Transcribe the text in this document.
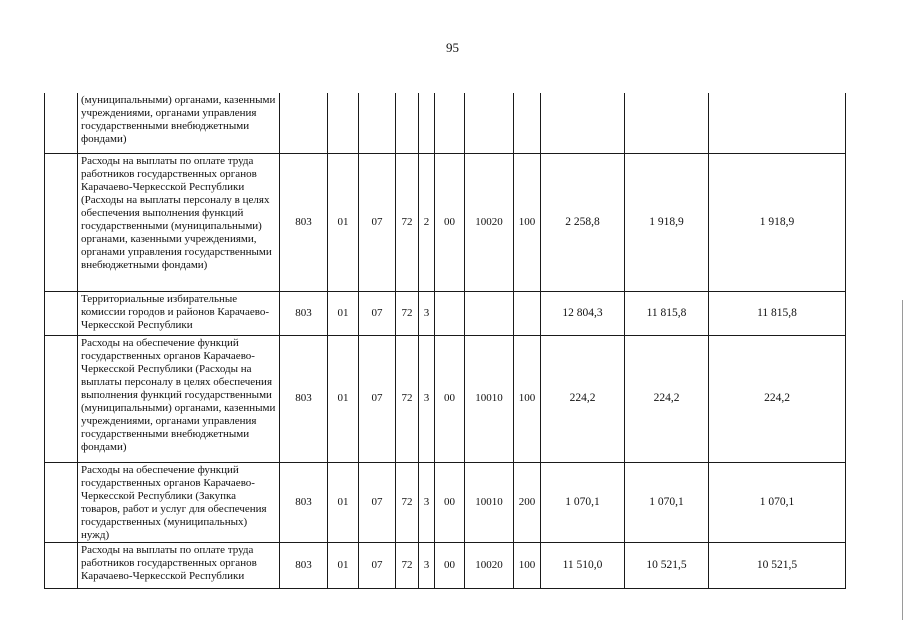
95
	(муниципальными) органами, казенными учреждениями, органами управления государственными внебюджетными фондами)											
	Расходы на выплаты по оплате труда работников государственных органов Карачаево-Черкесской Республики (Расходы на выплаты персоналу в целях обеспечения выполнения функций государственными (муниципальными) органами, казенными учреждениями, органами управления государственными внебюджетными фондами)	803	01	07	72	2	00	10020	100	2 258,8	1 918,9	1 918,9
	Территориальные избирательные комиссии городов и районов Карачаево-Черкесской Республики	803	01	07	72	3				12 804,3	11 815,8	11 815,8
	Расходы на обеспечение функций государственных органов Карачаево-Черкесской Республики (Расходы на выплаты персоналу в целях обеспечения выполнения функций государственными (муниципальными) органами, казенными учреждениями, органами управления государственными внебюджетными фондами)	803	01	07	72	3	00	10010	100	224,2	224,2	224,2
	Расходы на обеспечение функций государственных органов Карачаево-Черкесской Республики (Закупка товаров, работ и услуг для обеспечения государственных (муниципальных) нужд)	803	01	07	72	3	00	10010	200	1 070,1	1 070,1	1 070,1
	Расходы на выплаты по оплате труда работников государственных органов Карачаево-Черкесской Республики	803	01	07	72	3	00	10020	100	11 510,0	10 521,5	10 521,5
